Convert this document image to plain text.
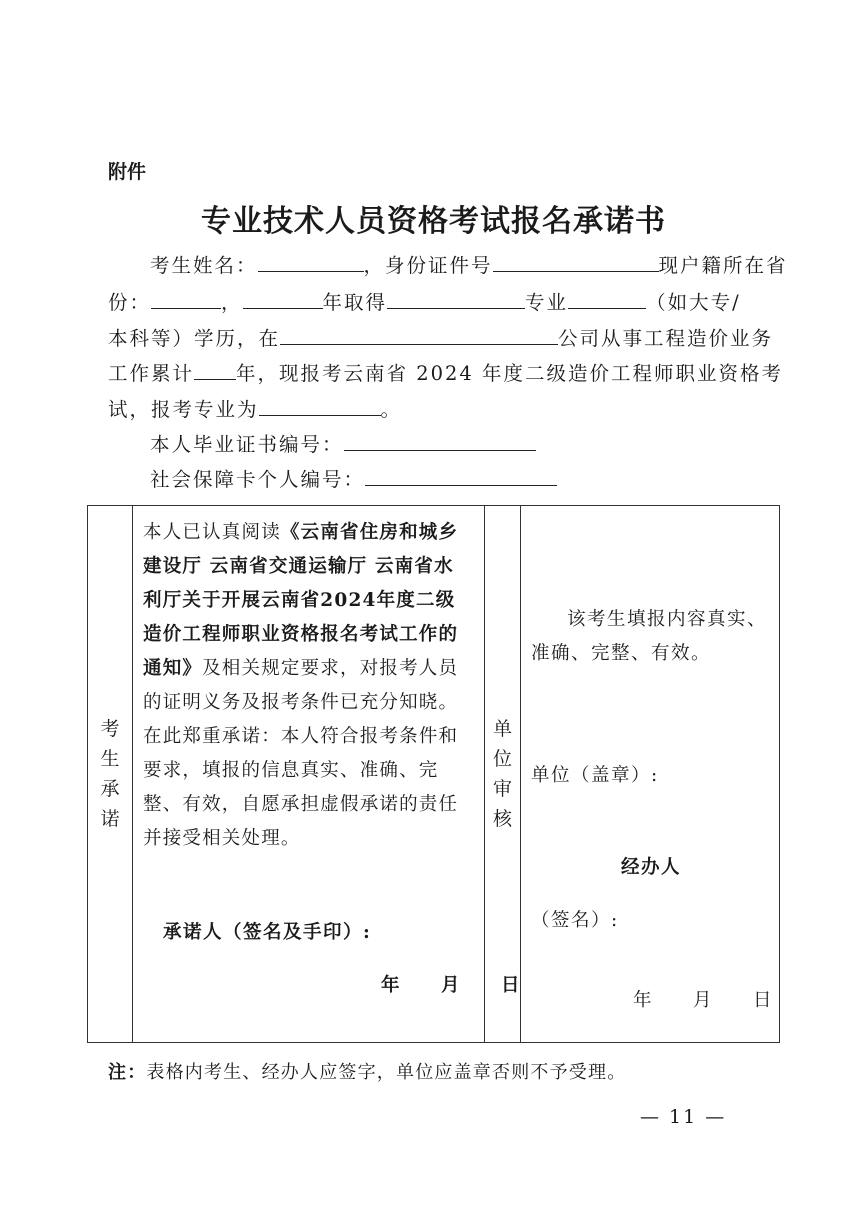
附件
专业技术人员资格考试报名承诺书
考生姓名：	，身份证件号	现户籍所在省
份：	，	年取得	专业	（如大专/
本科等）学历，在	公司从事工程造价业务
工作累计 年，现报考云南省 2024 年度二级造价工程师职业资格考
试，报考专业为	。
本人毕业证书编号：
社会保障卡个人编号：
考生承诺

本人已认真阅读《云南省住房和城乡建设厅 云南省交通运输厅 云南省水利厅关于开展云南省2024年度二级造价工程师职业资格报名考试工作的通知》及相关规定要求，对报考人员的证明义务及报考条件已充分知晓。在此郑重承诺：本人符合报考条件和要求，填报的信息真实、准确、完整、有效，自愿承担虚假承诺的责任并接受相关处理。
承诺人（签名及手印）:
年　　月　　日

单位审核

该考生填报内容真实、
准确、完整、有效。
单位（盖章）:
经办人
（签名）:
年　　月　　日
注：表格内考生、经办人应签字，单位应盖章否则不予受理。
— 11 —
